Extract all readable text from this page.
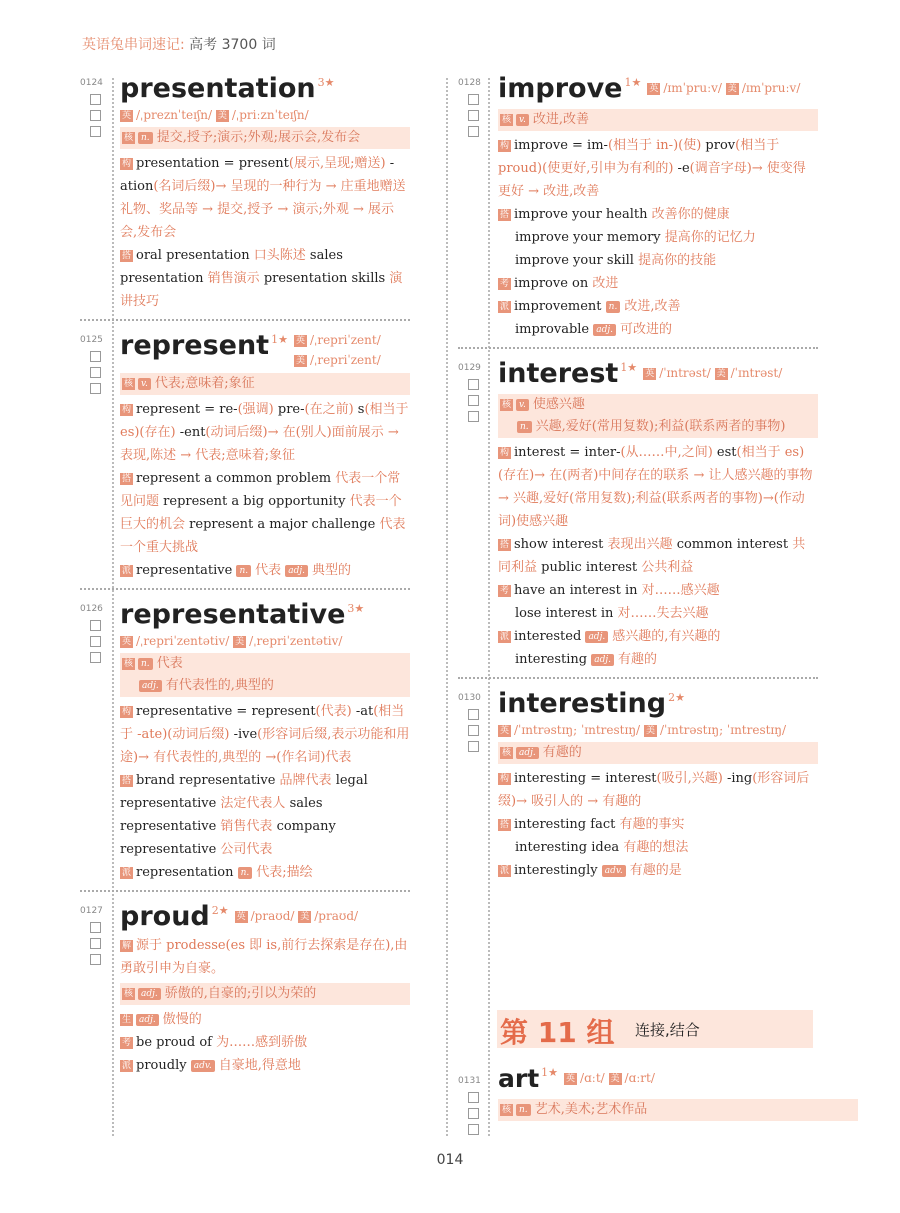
英语兔串词速记: 高考 3700 词
0124 presentation 3★
英 /ˌpreznˈteɪʃn/ 美 /ˌpriːznˈteɪʃn/
核 n. 提交,授予;演示;外观;展示会,发布会
构 presentation = present(展示,呈现;赠送) -ation(名词后缀)→ 呈现的一种行为 → 庄重地赠送礼物、奖品等 → 提交,授予 → 演示;外观 → 展示会,发布会
搭 oral presentation 口头陈述 sales presentation 销售演示 presentation skills 演讲技巧
0125 represent 1★ 英 /ˌrepriˈzent/
美 /ˌrepriˈzent/
核 v. 代表;意味着;象征
构 represent = re-(强调) pre-(在之前) s(相当于 es)(存在) -ent(动词后缀)→ 在(别人)面前展示 → 表现,陈述 → 代表;意味着;象征
搭 represent a common problem 代表一个常见问题 represent a big opportunity 代表一个巨大的机会 represent a major challenge 代表一个重大挑战
派 representative n. 代表 adj. 典型的
0126 representative 3★
英 /ˌrepriˈzentətiv/ 美 /ˌrepriˈzentətiv/
核 n. 代表
adj. 有代表性的,典型的
构 representative = represent(代表) -at(相当于 -ate)(动词后缀) -ive(形容词后缀,表示功能和用途)→ 有代表性的,典型的 →(作名词)代表
搭 brand representative 品牌代表 legal representative 法定代表人 sales representative 销售代表 company representative 公司代表
派 representation n. 代表;描绘
0127 proud 2★ 英 /praʊd/ 美 /praʊd/
解 源于 prodesse(es 即 is,前行去探索是存在),由勇敢引申为自豪。
核 adj. 骄傲的,自豪的;引以为荣的
生 adj. 傲慢的
考 be proud of 为……感到骄傲
派 proudly adv. 自豪地,得意地
0128 improve 1★ 英 /ɪmˈpruːv/ 美 /ɪmˈpruːv/
核 v. 改进,改善
构 improve = im-(相当于 in-)(使) prov(相当于 proud)(使更好,引申为有利的) -e(调音字母)→ 使变得更好 → 改进,改善
搭 improve your health 改善你的健康
improve your memory 提高你的记忆力
improve your skill 提高你的技能
考 improve on 改进
派 improvement n. 改进,改善
improvable adj. 可改进的
0129 interest 1★ 英 /ˈɪntrəst/ 美 /ˈɪntrəst/
核 v. 使感兴趣
n. 兴趣,爱好(常用复数);利益(联系两者的事物)
构 interest = inter-(从……中,之间) est(相当于 es)(存在)→ 在(两者)中间存在的联系 → 让人感兴趣的事物 → 兴趣,爱好(常用复数);利益(联系两者的事物)→(作动词)使感兴趣
搭 show interest 表现出兴趣 common interest 共同利益 public interest 公共利益
考 have an interest in 对……感兴趣
lose interest in 对……失去兴趣
派 interested adj. 感兴趣的,有兴趣的
interesting adj. 有趣的
0130 interesting 2★
英 /ˈɪntrəstɪŋ; ˈɪntrestɪŋ/ 美 /ˈɪntrəstɪŋ; ˈɪntrestɪŋ/
核 adj. 有趣的
构 interesting = interest(吸引,兴趣) -ing(形容词后缀)→ 吸引人的 → 有趣的
搭 interesting fact 有趣的事实
interesting idea 有趣的想法
派 interestingly adv. 有趣的是
第 11 组 连接,结合
0131 art 1★ 英 /ɑːt/ 美 /ɑːrt/
核 n. 艺术,美术;艺术作品
014
